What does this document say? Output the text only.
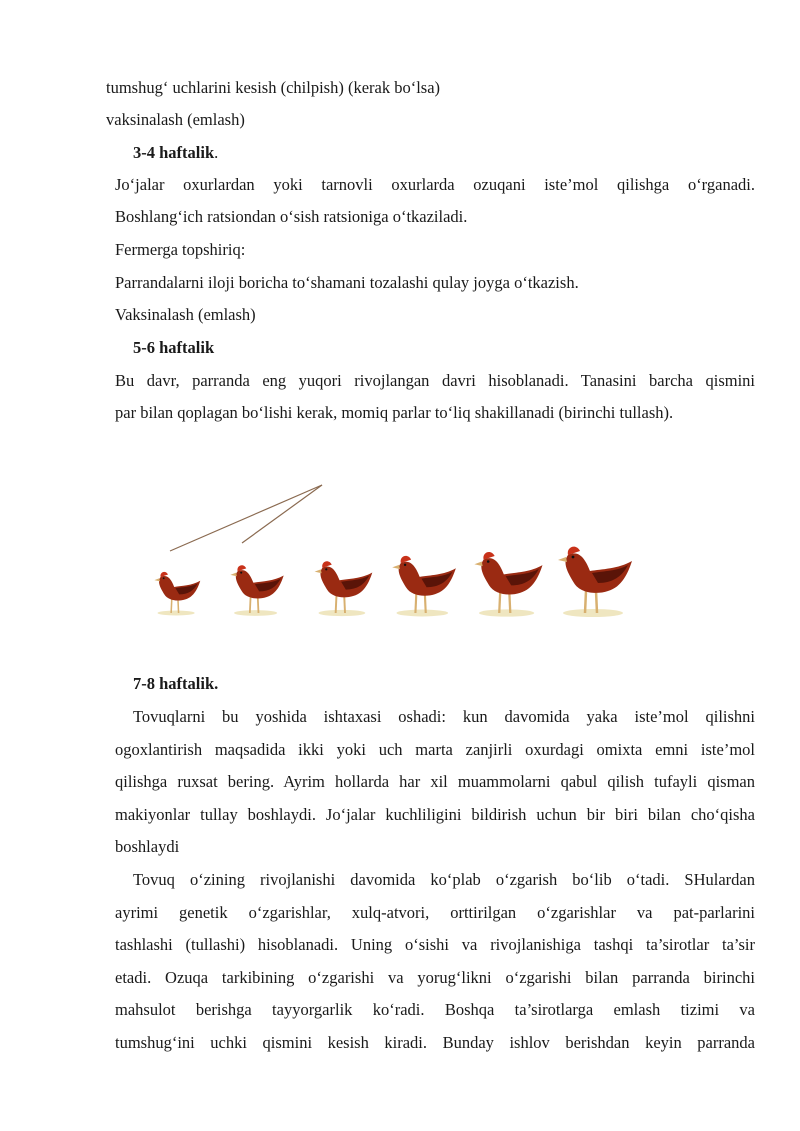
tumshug‘ uchlarini kesish (chilpish) (kerak bo‘lsa)
vaksinalash (emlash)
3-4 haftalik.
Jo‘jalar oxurlardan yoki tarnovli oxurlarda ozuqani iste’mol qilishga o‘rganadi.
Boshlang‘ich ratsiondan o‘sish ratsioniga o‘tkaziladi.
Fermerga topshiriq:
Parrandalarni iloji boricha to‘shamani tozalashi qulay joyga o‘tkazish.
Vaksinalash (emlash)
5-6 haftalik
Bu davr, parranda eng yuqori rivojlangan davri hisoblanadi. Tanasini barcha qismini
par bilan qoplagan bo‘lishi kerak, momiq parlar to‘liq shakillanadi (birinchi tullash).
7-8 haftalik.
Tovuqlarni bu yoshida ishtaxasi oshadi: kun davomida yaka iste’mol qilishni
ogoxlantirish maqsadida ikki yoki uch marta zanjirli oxurdagi omixta emni iste’mol
qilishga ruxsat bering. Ayrim hollarda har xil muammolarni qabul qilish tufayli qisman
makiyonlar tullay boshlaydi. Jo‘jalar kuchliligini bildirish uchun bir biri bilan cho‘qisha
boshlaydi
Tovuq o‘zining rivojlanishi davomida ko‘plab o‘zgarish bo‘lib o‘tadi. SHulardan
ayrimi genetik o‘zgarishlar, xulq-atvori, orttirilgan o‘zgarishlar va pat-parlarini
tashlashi (tullashi) hisoblanadi. Uning o‘sishi va rivojlanishiga tashqi ta’sirotlar ta’sir
etadi. Ozuqa tarkibining o‘zgarishi va yorug‘likni o‘zgarishi bilan parranda birinchi
mahsulot berishga tayyorgarlik ko‘radi. Boshqa ta’sirotlarga emlash tizimi va
tumshug‘ini uchki qismini kesish kiradi. Bunday ishlov berishdan keyin parranda
